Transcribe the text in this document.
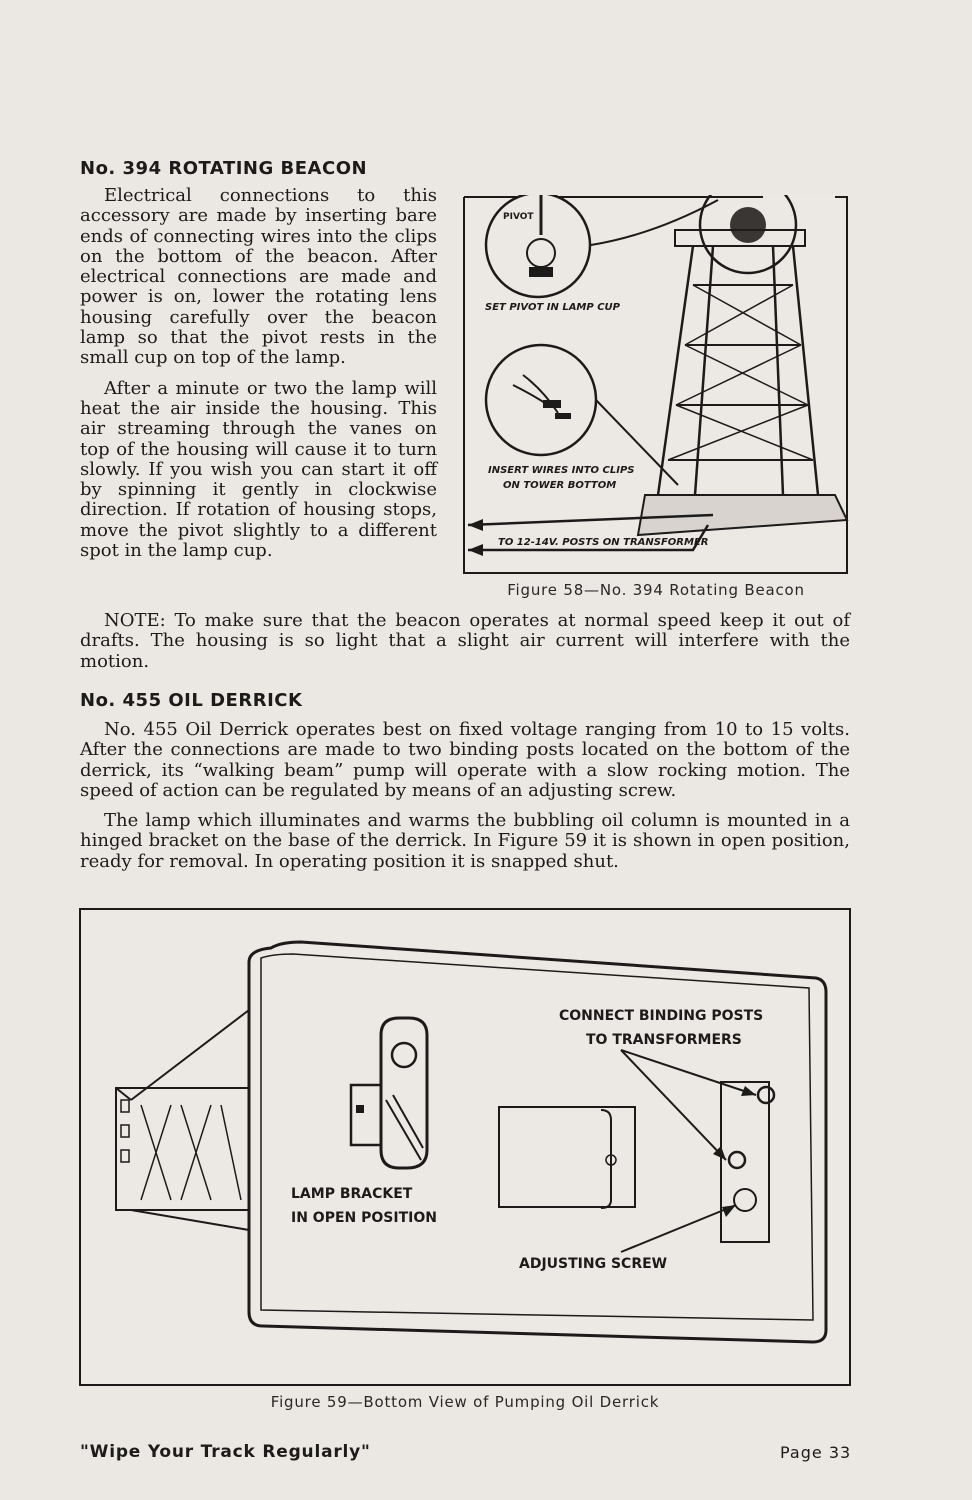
No. 394 ROTATING BEACON

Electrical connections to this accessory are made by inserting bare ends of connecting wires into the clips on the bottom of the beacon. After electrical connections are made and power is on, lower the rotating lens housing carefully over the beacon lamp so that the pivot rests in the small cup on top of the lamp.

After a minute or two the lamp will heat the air inside the housing. This air streaming through the vanes on top of the housing will cause it to turn slowly. If you wish you can start it off by spinning it gently in clockwise direction. If rotation of housing stops, move the pivot slightly to a different spot in the lamp cup.

PIVOT
SET PIVOT IN LAMP CUP
INSERT WIRES INTO CLIPS
ON TOWER BOTTOM
TO 12-14V. POSTS ON TRANSFORMER

Figure 58—No. 394 Rotating Beacon

NOTE: To make sure that the beacon operates at normal speed keep it out of drafts. The housing is so light that a slight air current will interfere with the motion.

No. 455 OIL DERRICK

No. 455 Oil Derrick operates best on fixed voltage ranging from 10 to 15 volts. After the connections are made to two binding posts located on the bottom of the derrick, its “walking beam” pump will operate with a slow rocking motion. The speed of action can be regulated by means of an adjusting screw.

The lamp which illuminates and warms the bubbling oil column is mounted in a hinged bracket on the base of the derrick. In Figure 59 it is shown in open position, ready for removal. In operating position it is snapped shut.

CONNECT BINDING POSTS
TO TRANSFORMERS
LAMP BRACKET
IN OPEN POSITION
ADJUSTING SCREW

Figure 59—Bottom View of Pumping Oil Derrick

"Wipe Your Track Regularly"	Page 33
